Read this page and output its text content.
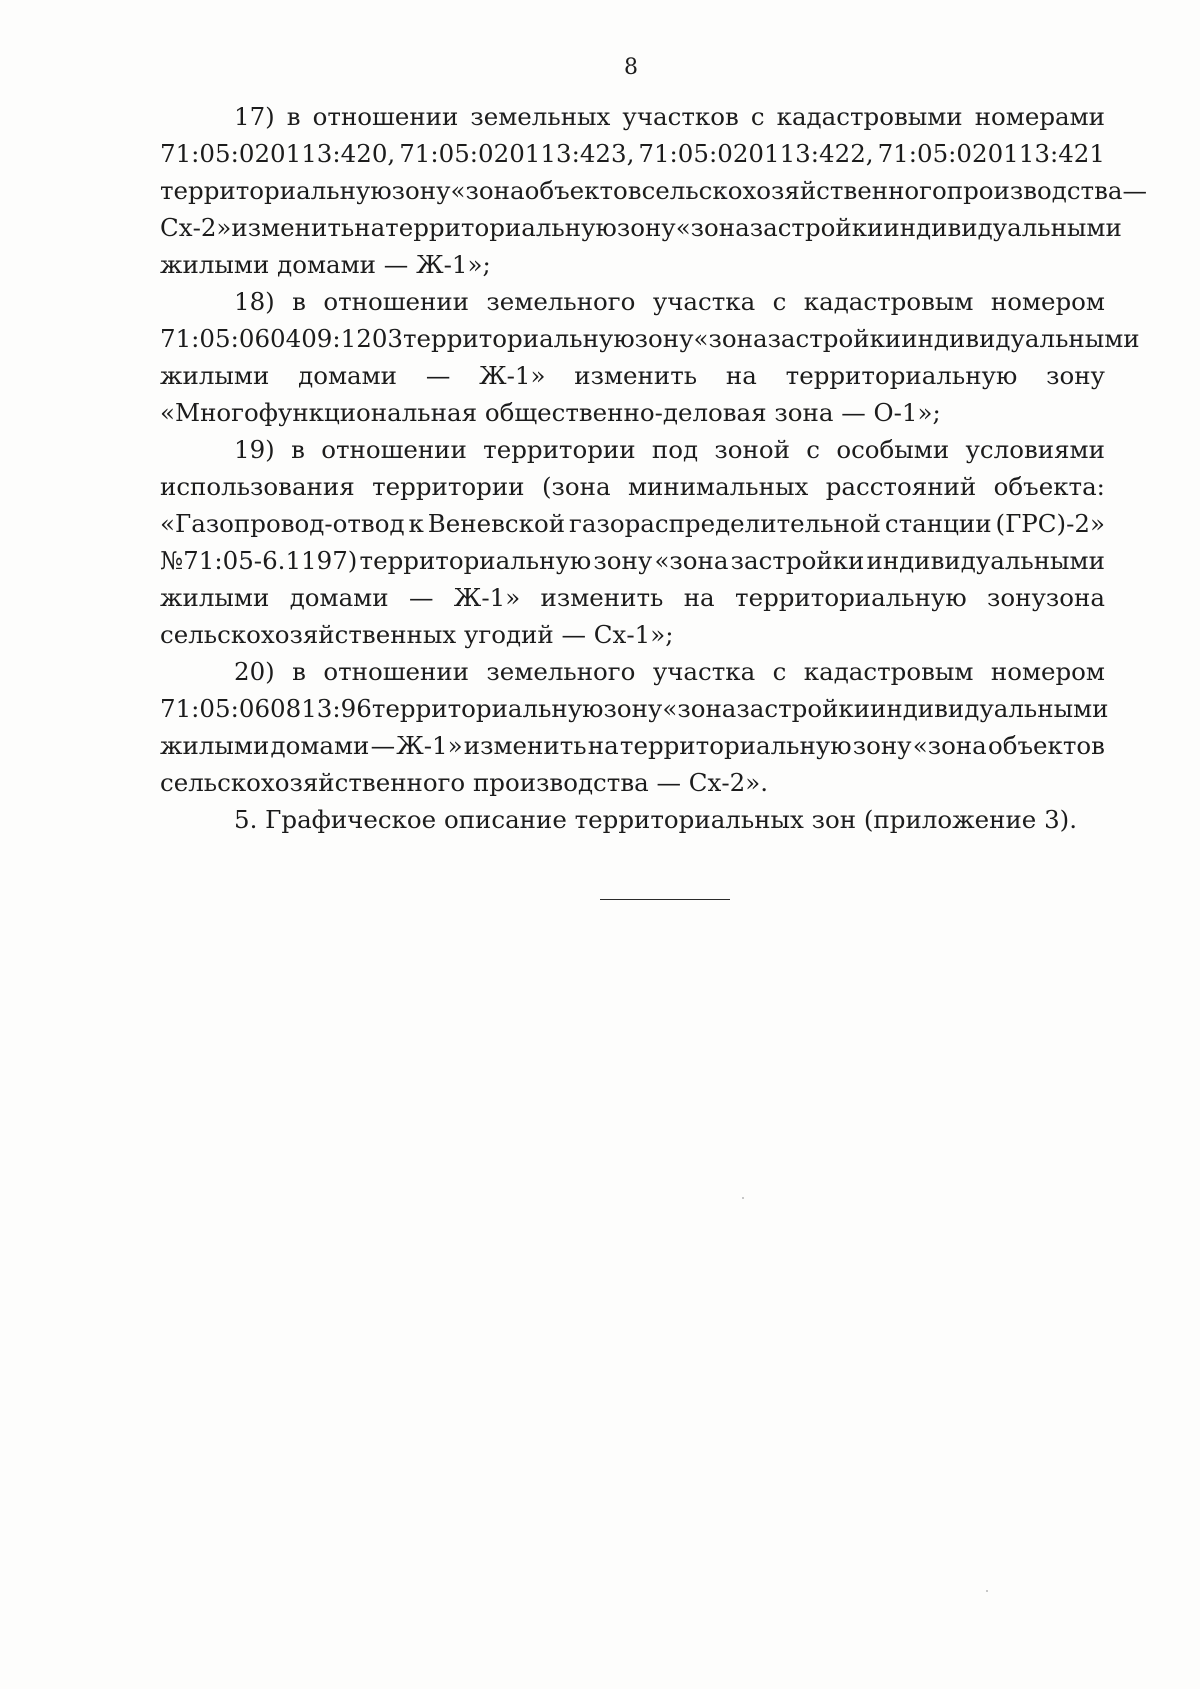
8
17) в отношении земельных участков с кадастровыми номерами
71:05:020113:420, 71:05:020113:423, 71:05:020113:422, 71:05:020113:421
территориальную зону «зона объектов сельскохозяйственного производства —
Сх-2» изменить на территориальную зону «зона застройки индивидуальными
жилыми домами — Ж-1»;
18) в отношении земельного участка с кадастровым номером
71:05:060409:1203 территориальную зону «зона застройки индивидуальными
жилыми домами — Ж-1» изменить на территориальную зону
«Многофункциональная общественно-деловая зона — О-1»;
19) в отношении территории под зоной с особыми условиями
использования территории (зона минимальных расстояний объекта:
«Газопровод-отвод к Веневской газораспределительной станции (ГРС)-2»
№71:05-6.1197) территориальную зону «зона застройки индивидуальными
жилыми домами — Ж-1» изменить на территориальную зонузона
сельскохозяйственных угодий — Сх-1»;
20) в отношении земельного участка с кадастровым номером
71:05:060813:96 территориальную зону «зона застройки индивидуальными
жилыми домами — Ж-1» изменить на территориальную зону «зона объектов
сельскохозяйственного производства — Сх-2».
5. Графическое описание территориальных зон (приложение 3).
